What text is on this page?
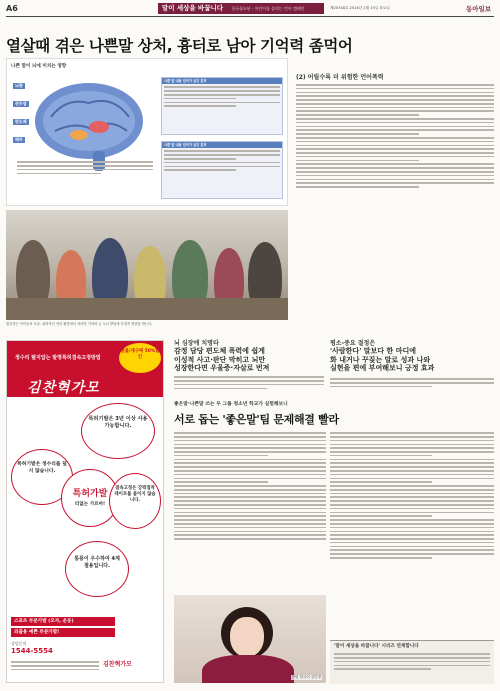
A6	말이 세상을 바꿉니다 한국청소년 · 어린이를 살리는 언어 캠페인	제20748호 2014년 1월 15일 화요일	동아일보
열살때 겪은 나쁜말 상처, 흉터로 남아 기억력 좀먹어
나쁜 말이 뇌에 미치는 영향
뇌량
전두엽
편도체
해마
나쁜 말 내용 언어가 남긴 흔적
나쁜 말 내용 언어가 남긴 흔적
(2) 어릴수록 더 위험한 언어폭력
집중하는 아이들의 모습. 폭력적인 언어 환경에서 자라면 기억력 등 두뇌 발달에 부정적 영향을 받는다.
뇌 심장에 치명타
감정 담당 편도체 폭력에 쉽게
이성적 사고·판단 막히고 뇌만
성장한다면 우울증·자살로 번져
평소-중요 절정은
'사람한다' 말보다 한 마디에
화 내거나 꾸짖는 말로 성과 나와
실현을 편에 부여해보니 긍정 효과
정수리 탈지압는 발명특허결속고정방법
김찬혁가모
환불/재구매 50%할인
특허기발은 3년 이상 사용 가능합니다.
특허기발은 정수리를 덮지 않습니다.
특허가발
티없는 가르마!
결속고정은 강력접착테이프를 붙이지 않습니다.
통풍이 우수하여 4계절용입니다.
스포츠 부분가발 (모자, 운동)
외출용 예쁜 부분가발!
상담문의
1544-5554
김찬혁가모
좋은말·나쁜말 쓰는 두 그룹 청소년 학교가 실험해보니
서로 돕는 '좋은말'팀 문제해결 빨라
가람 한국어 김민정
'말이 세상을 바꿉니다' 시리즈 연재합니다
